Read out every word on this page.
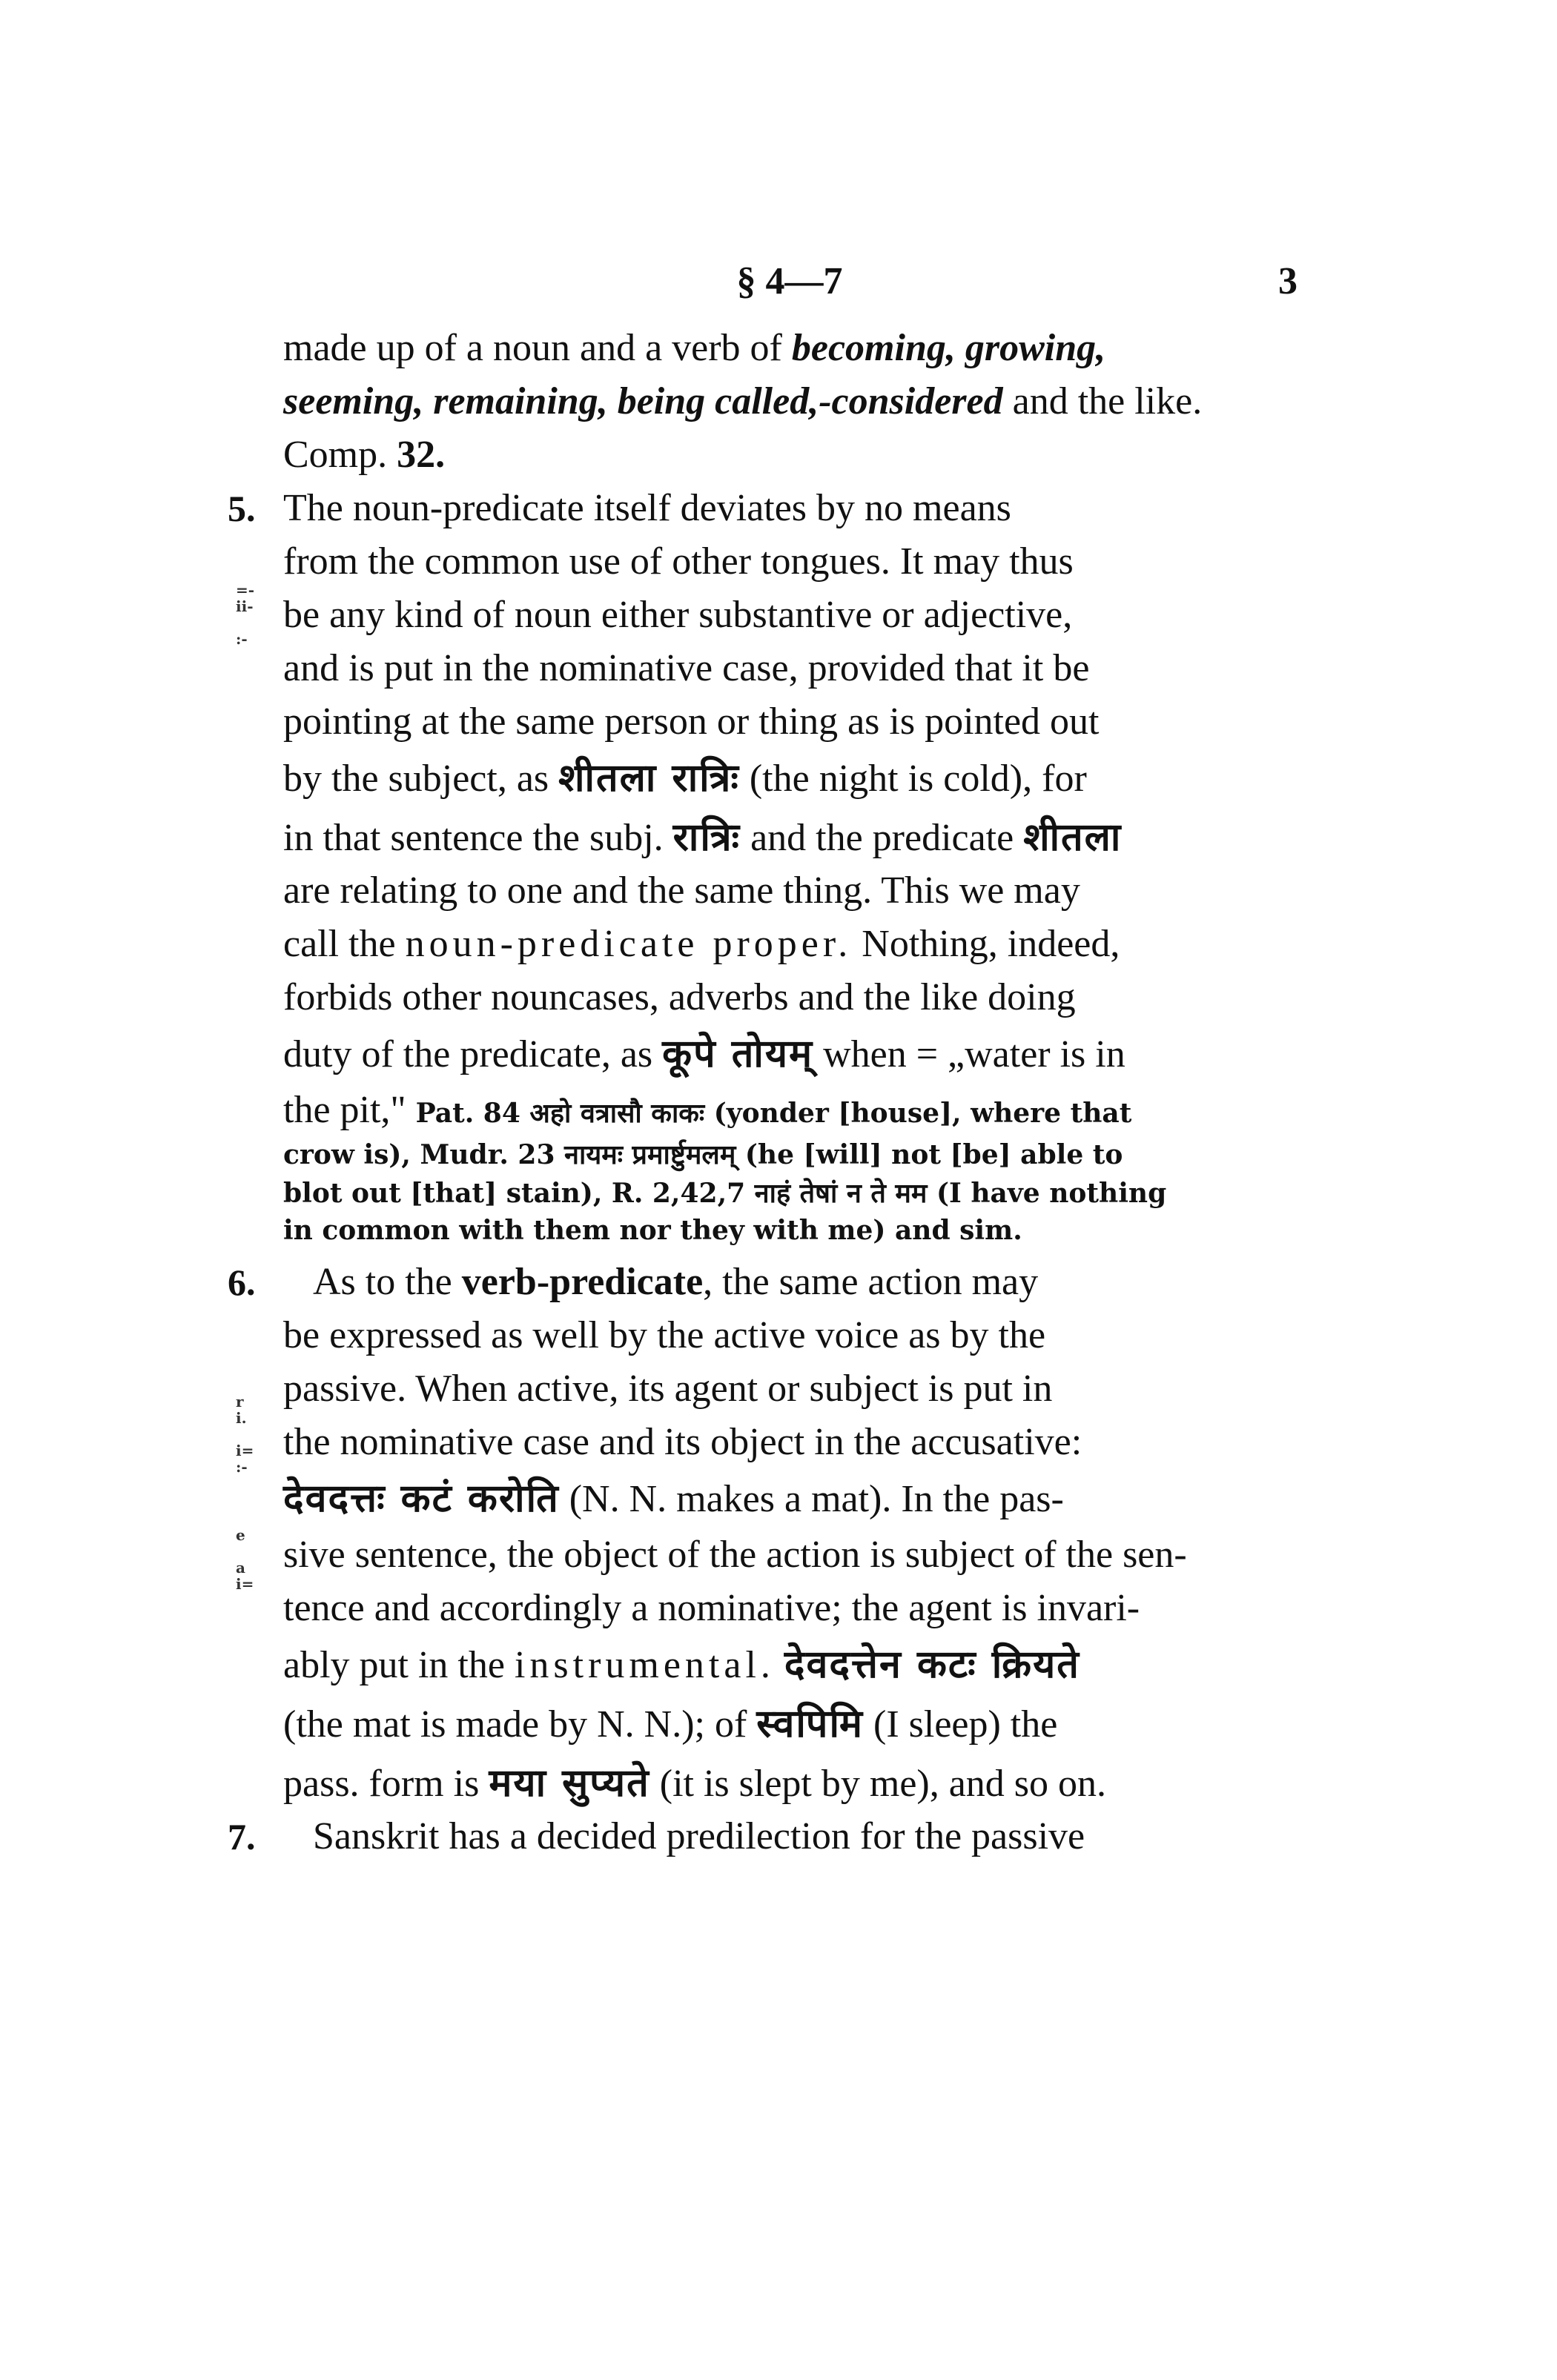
§ 4—7	3
=-
ii-

:-
r
i.

i=
:-
e

a
i=
made up of a noun and a verb of becoming, growing,
seeming, remaining, being called,-considered and the like.
Comp. 32.
5. The noun-predicate itself deviates by no means
from the common use of other tongues. It may thus
be any kind of noun either substantive or adjective,
and is put in the nominative case, provided that it be
pointing at the same person or thing as is pointed out
by the subject, as शीतला रात्रिः (the night is cold), for
in that sentence the subj. रात्रिः and the predicate शीतला
are relating to one and the same thing. This we may
call the noun-predicate proper. Nothing, indeed,
forbids other nouncases, adverbs and the like doing
duty of the predicate, as कूपे तोयम् when = „water is in
the pit," Pat. 84 अहो वत्रासौ काकः (yonder [house], where that
crow is), Mudr. 23 नायमः प्रमार्ष्टुमलम् (he [will] not [be] able to
blot out [that] stain), R. 2,42,7 नाहं तेषां न ते मम (I have nothing
in common with them nor they with me) and sim.
6. As to the verb-predicate, the same action may
be expressed as well by the active voice as by the
passive. When active, its agent or subject is put in
the nominative case and its object in the accusative:
देवदत्तः कटं करोति (N. N. makes a mat). In the pas-
sive sentence, the object of the action is subject of the sen-
tence and accordingly a nominative; the agent is invari-
ably put in the instrumental. देवदत्तेन कटः क्रियते
(the mat is made by N. N.); of स्वपिमि (I sleep) the
pass. form is मया सुप्यते (it is slept by me), and so on.
7. Sanskrit has a decided predilection for the passive
